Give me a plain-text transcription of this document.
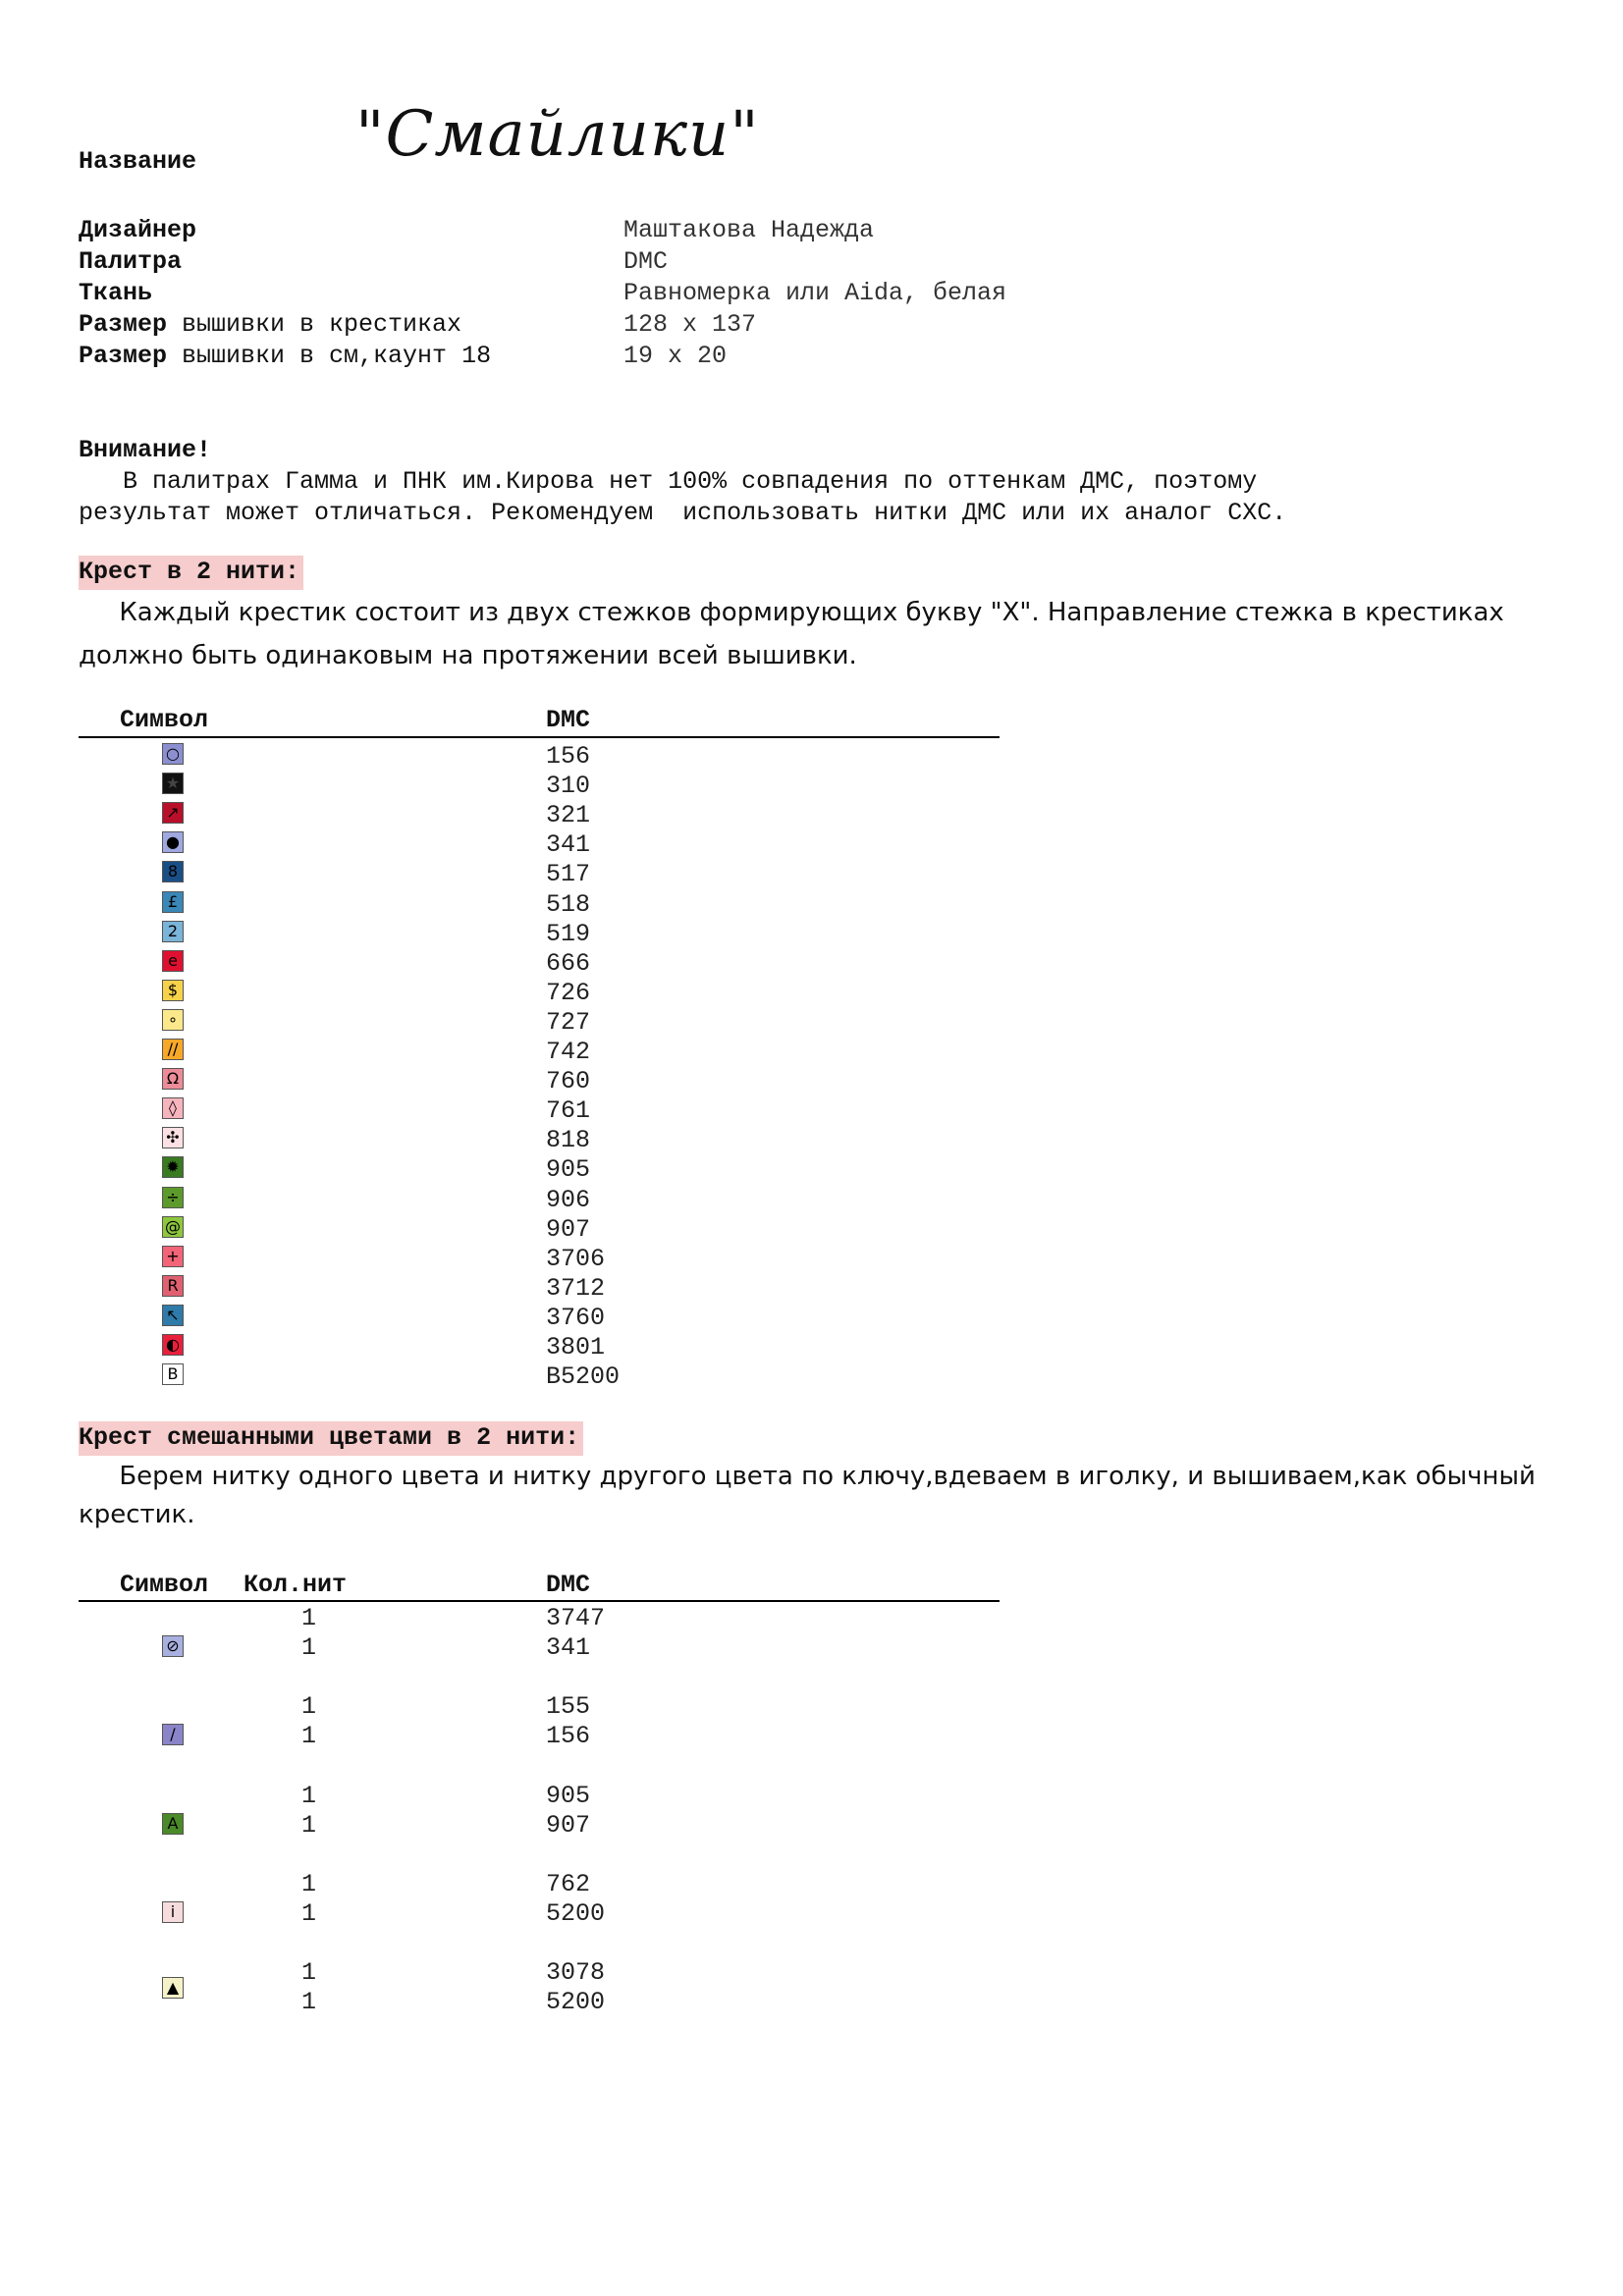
Название	"Смайлики"
Дизайнер	Маштакова Надежда
Палитра	DMC
Ткань	Равномерка или Aida, белая
Размер вышивки в крестиках	128 x 137
Размер вышивки в см,каунт 18	19 x 20
Внимание!
В палитрах Гамма и ПНК им.Кирова нет 100% совпадения по оттенкам ДМС, поэтому
результат может отличаться. Рекомендуем  использовать нитки ДМС или их аналог СХС.
Крест в 2 нити:
Каждый крестик состоит из двух стежков формирующих букву "X". Направление стежка в крестиках
должно быть одинаковым на протяжении всей вышивки.
Символ	DMC
○	156
★	310
↗	321
●	341
8	517
£	518
2	519
e	666
$	726
∘	727
//	742
Ω	760
◊	761
✣	818
✹	905
÷	906
@	907
+	3706
R	3712
↖	3760
◐	3801
B	B5200
Крест смешанными цветами в 2 нити:
Берем нитку одного цвета и нитку другого цвета по ключу,вдеваем в иголку, и вышиваем,как обычный
крестик.
Символ Кол.нит	DMC
⊘
1	3747
1	341
/
1	155
1	156
A
1	905
1	907
i
1	762
1	5200
▲
1	3078
1	5200
